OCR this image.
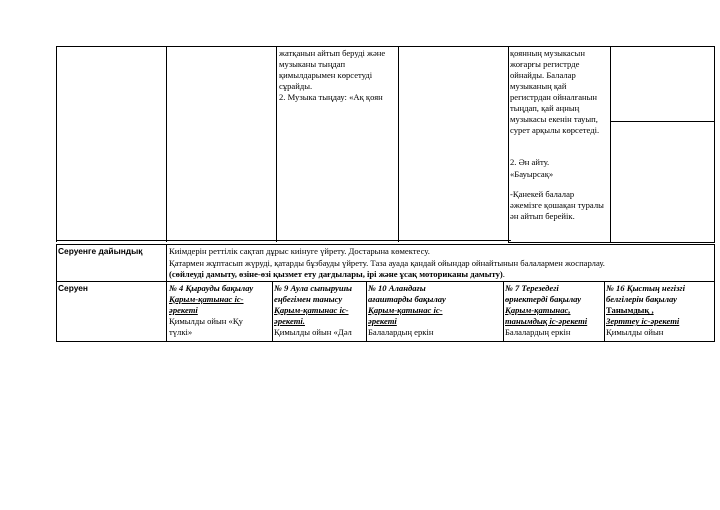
жатқанын айтып беруді және
музыканы тыңдап
қимылдарымен көрсетуді
сұрайды.
2. Музыка тыңдау: «Ақ қоян
қоянның музыкасын
жоғарғы регистрде
ойнайды. Балалар
музыканың қай
регистрдан ойналғанын
тыңдап, қай аңның
музыкасы екенін тауып,
сурет арқылы көрсетеді.
2. Ән айту.
«Бауырсақ»
-Қанекей балалар
әжемізге қошақан туралы
ән айтып берейік.
Серуенге дайындық	Киімдерін реттілік сақтап дұрыс киінуге үйрету. Достарына көмектесу.
Қатармен жұптасып жүруді, қатарды бұзбауды үйрету. Таза ауада қандай ойындар ойнайтынын балалармен жоспарлау.
(сөйлеуді дамыту, өзіне-өзі қызмет ету дағдылары, ірі және ұсақ моториканы дамыту).
Серуен	№ 4 Қырауды бақылау
Қарым-қатынас іс-
әрекеті
Қимылды ойын «Қу
түлкі»
№ 9 Аула сыпырушы
еңбегімен танысу
Қарым-қатынас іс-
әрекеті.
Қимылды ойын «Дәл
№ 10 Аландағы
ағаштарды бақылау
Қарым-қатынас іс-
әрекеті
Балалардың еркін
№ 7 Терезедегі
өрнектерді бақылау
Қарым-қатынас,
танымдық іс-әрекеті
Балалардың еркін
№ 16 Қыстың негізгі
белгілерін бақылау
Танымдық ,
Зерттеу іс-әрекеті
Қимылды ойын
